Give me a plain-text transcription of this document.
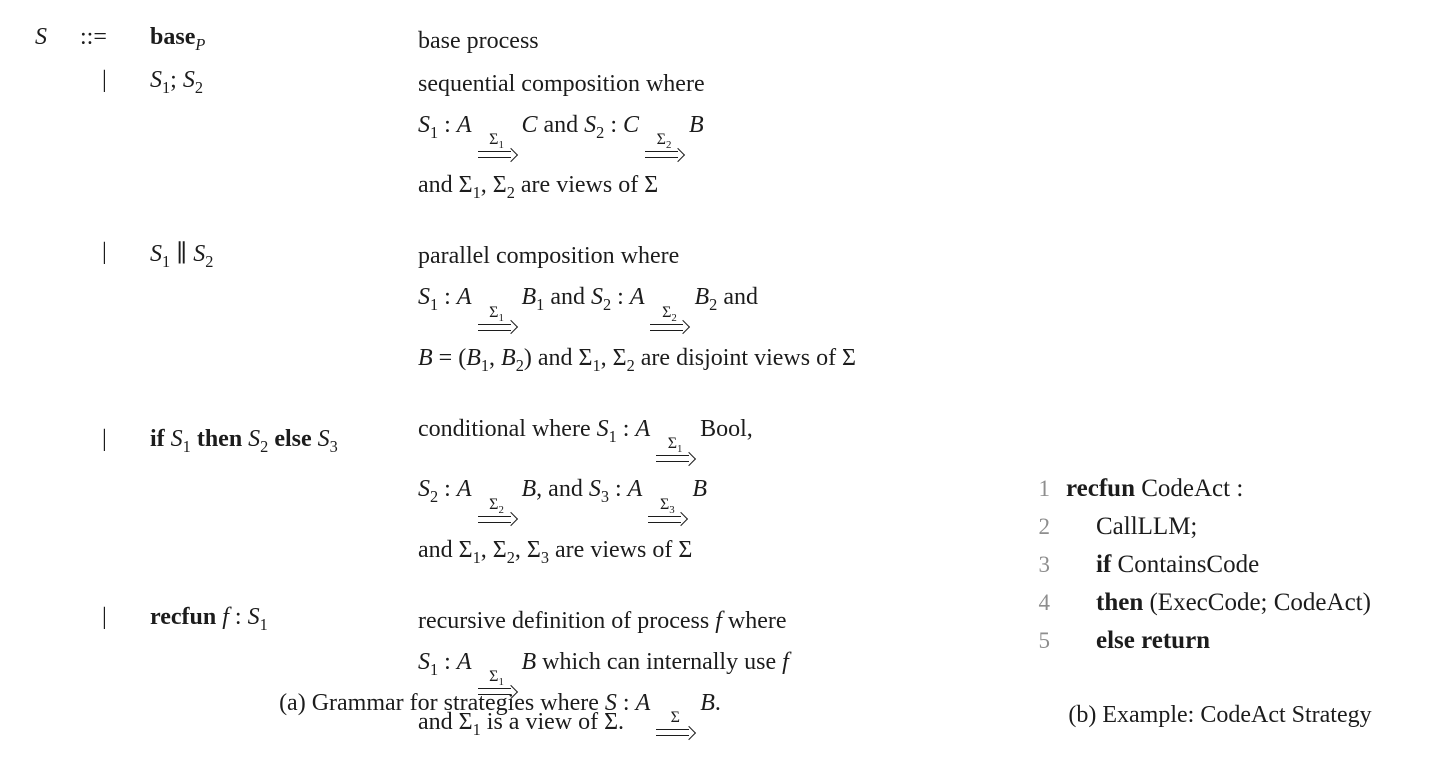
S	::=	base$_P$	base process
|	$S_1$; $S_2$	sequential composition where
$S_1$ : A
$\Sigma_1$
C and $S_2$ : C
$\Sigma_2$
B
and $\Sigma_1$, $\Sigma_2$ are views of Σ
|	$S_1$ ∥ $S_2$	parallel composition where
$S_1$ : A
$\Sigma_1$
$B_1$ and $S_2$ : A
$\Sigma_2$
$B_2$ and
$B = (B_1$, $B_2$) and $\Sigma_1$, $\Sigma_2$ are disjoint views of Σ
|	if $S_1$ then $S_2$ else $S_3$
conditional where $S_1$ : A
$\Sigma_1$
Bool,
$S_2$ : A
$\Sigma_2$
B, and $S_3$ : A
$\Sigma_3$
B
and $\Sigma_1$, $\Sigma_2$, $\Sigma_3$ are views of Σ
|	recfun f : $S_1$	recursive definition of process f where
$S_1$ : A
$\Sigma_1$
B which can internally use f
and $\Sigma_1$ is a view of Σ.
(a) Grammar for strategies where S : A
Σ
B.
1 recfun CodeAct :
2	CallLLM;
3	if ContainsCode
4	then (ExecCode; CodeAct)
5	else return
(b) Example: CodeAct Strategy
